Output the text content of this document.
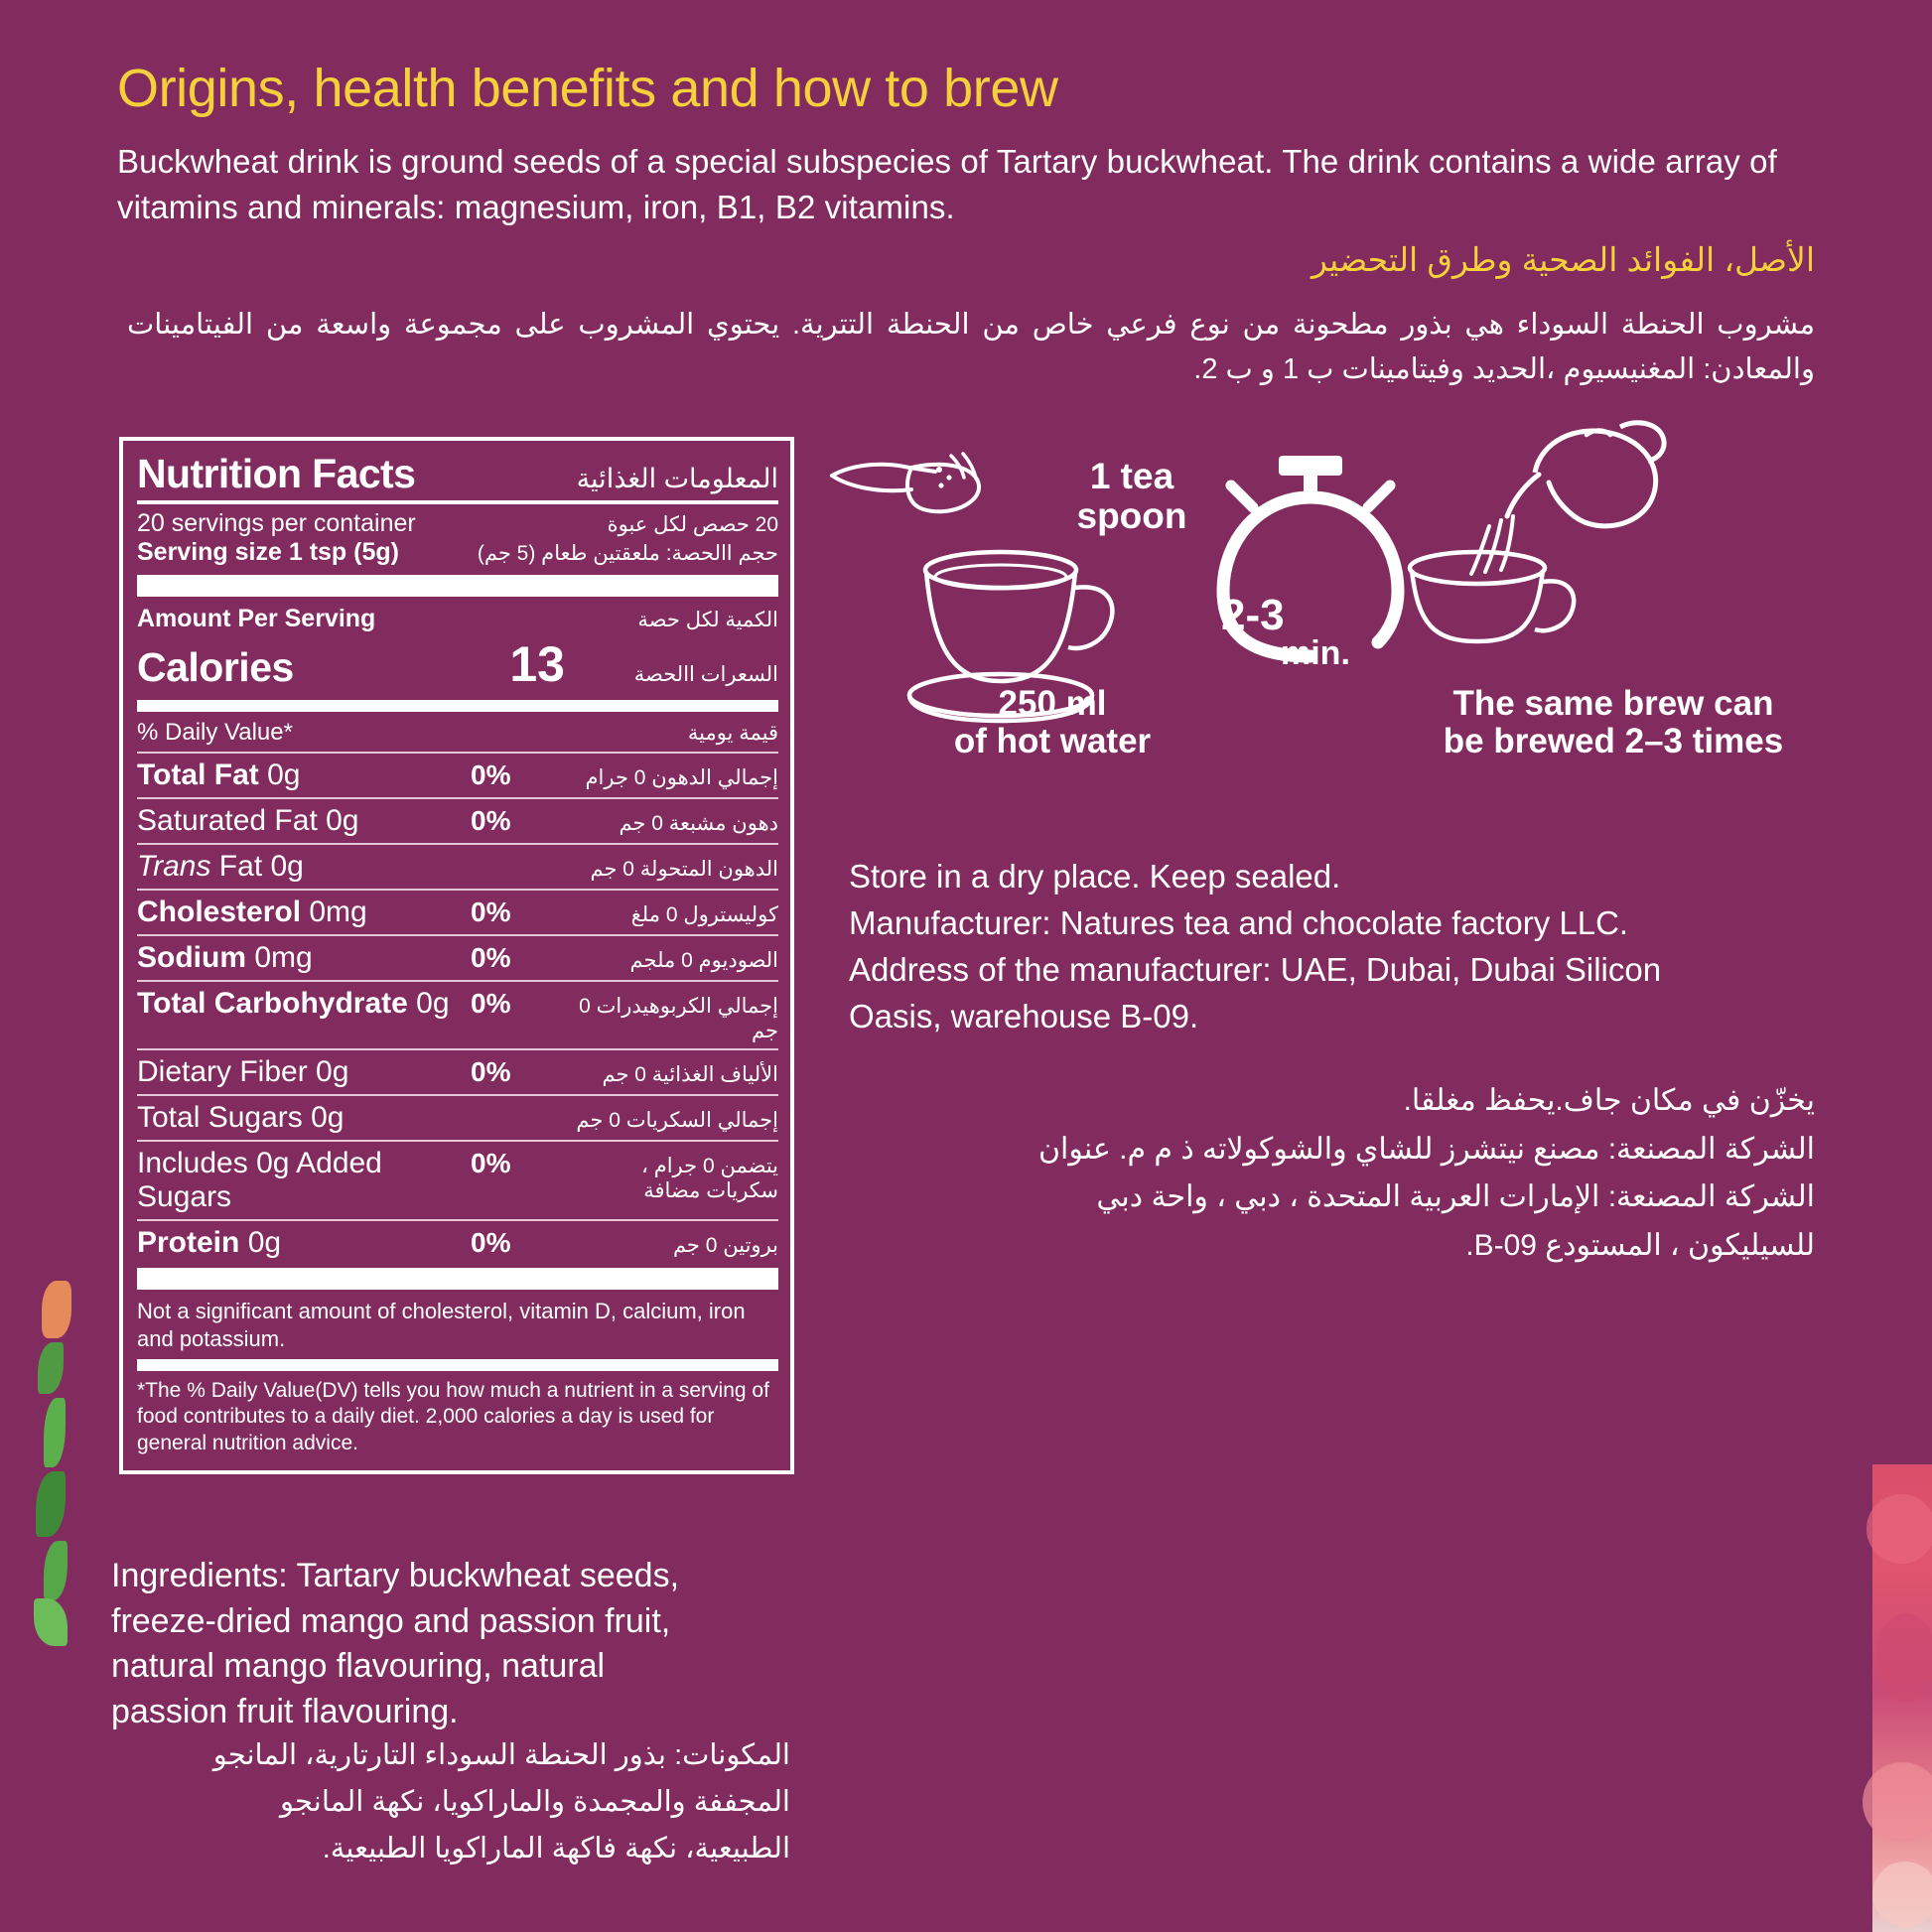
Origins, health benefits and how to brew
Buckwheat drink is ground seeds of a special subspecies of Tartary buckwheat. The drink contains a wide array of vitamins and minerals: magnesium, iron, B1, B2 vitamins.
الأصل، الفوائد الصحية وطرق التحضير
مشروب الحنطة السوداء هي بذور مطحونة من نوع فرعي خاص من الحنطة التترية. يحتوي المشروب على مجموعة واسعة من الفيتامينات والمعادن: المغنيسيوم ،الحديد وفيتامينات ب 1 و ب 2.
Nutrition Facts	المعلومات الغذائية
20 servings per container	20 حصص لكل عبوة
Serving size 1 tsp (5g)	حجم االحصة: ملعقتين طعام (5 جم)
Amount Per Serving	الكمية لكل حصة
Calories	13	السعرات االحصة
% Daily Value*	قيمة يومية
Total Fat 0g	0%	إجمالي الدهون 0 جرام
Saturated Fat 0g	0%	دهون مشبعة 0 جم
Trans Fat 0g	الدهون المتحولة 0 جم
Cholesterol 0mg	0%	كوليسترول 0 ملغ
Sodium 0mg	0%	الصوديوم 0 ملجم
Total Carbohydrate 0g 0%	إجمالي الكربوهيدرات 0 جم
Dietary Fiber 0g	0%	الألياف الغذائية 0 جم
Total Sugars 0g	إجمالي السكريات 0 جم
Includes 0g Added Sugars
0%	يتضمن 0 جرام ، سكريات مضافة
Protein 0g	0%	بروتين 0 جم
Not a significant amount of cholesterol, vitamin D, calcium, iron and potassium.
*The % Daily Value(DV) tells you how much a nutrient in a serving of food contributes to a daily diet. 2,000 calories a day is used for general nutrition advice.
1 tea
spoon
250 ml
of hot water
2-3
min.
The same brew can
be brewed 2–3 times
Store in a dry place. Keep sealed.
Manufacturer: Natures tea and chocolate factory LLC.
Address of the manufacturer: UAE, Dubai, Dubai Silicon
Oasis, warehouse B-09.
يخزّن في مكان جاف.يحفظ مغلقا.
الشركة المصنعة: مصنع نيتشرز للشاي والشوكولاته ذ م م. عنوان
الشركة المصنعة: الإمارات العربية المتحدة ، دبي ، واحة دبي
للسيليكون ، المستودع B-09.
Ingredients: Tartary buckwheat seeds,
freeze-dried mango and passion fruit,
natural mango flavouring, natural
passion fruit flavouring.
المكونات: بذور الحنطة السوداء التارتارية، المانجو
المجففة والمجمدة والماراكويا، نكهة المانجو
الطبيعية، نكهة فاكهة الماراكويا الطبيعية.
